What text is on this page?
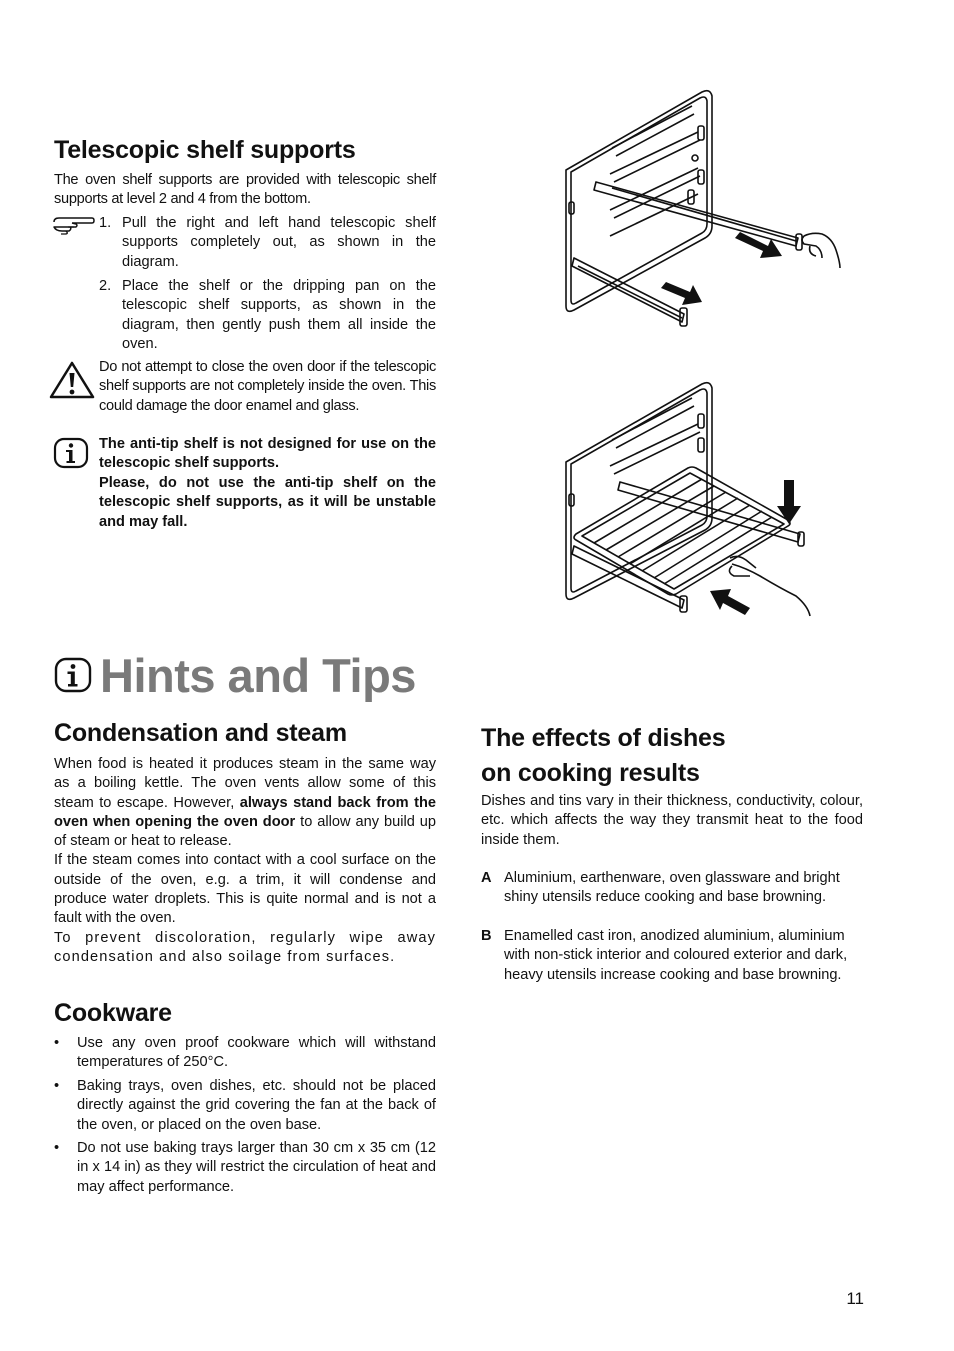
Telescopic shelf supports

The oven shelf supports are provided with telescopic shelf supports at level 2 and 4 from the bottom.

1. Pull the right and left hand telescopic shelf supports completely out, as shown in the diagram.
2. Place the shelf or the dripping pan on the telescopic shelf supports, as shown in the diagram, then gently push them all inside the oven.

Do not attempt to close the oven door if the telescopic shelf supports are not completely inside the oven. This could damage the door enamel and glass.

The anti-tip shelf is not designed for use on the telescopic shelf supports.

Please, do not use the anti-tip shelf on the telescopic shelf supports, as it will be unstable and may fall.

Hints and Tips
Condensation and steam

When food is heated it produces steam in the same way as a boiling kettle. The oven vents allow some of this steam to escape. However, always stand back from the oven when opening the oven door to allow any build up of steam or heat to release.

If the steam comes into contact with a cool surface on the outside of the oven, e.g. a trim, it will condense and produce water droplets. This is quite normal and is not a fault with the oven.

To prevent discoloration, regularly wipe away condensation and also soilage from surfaces.

Cookware
• Use any oven proof cookware which will withstand temperatures of 250°C.
• Baking trays, oven dishes, etc. should not be placed directly against the grid covering the fan at the back of the oven, or placed on the oven base.
• Do not use baking trays larger than 30 cm x 35 cm (12 in x 14 in) as they will restrict the circulation of heat and may affect performance.
The effects of dishes
on cooking results

Dishes and tins vary in their thickness, conductivity, colour, etc. which affects the way they transmit heat to the food inside them.

A Aluminium, earthenware, oven glassware and bright shiny utensils reduce cooking and base browning.
B Enamelled cast iron, anodized aluminium, aluminium with non-stick interior and coloured exterior and dark, heavy utensils increase cooking and base browning.
11
